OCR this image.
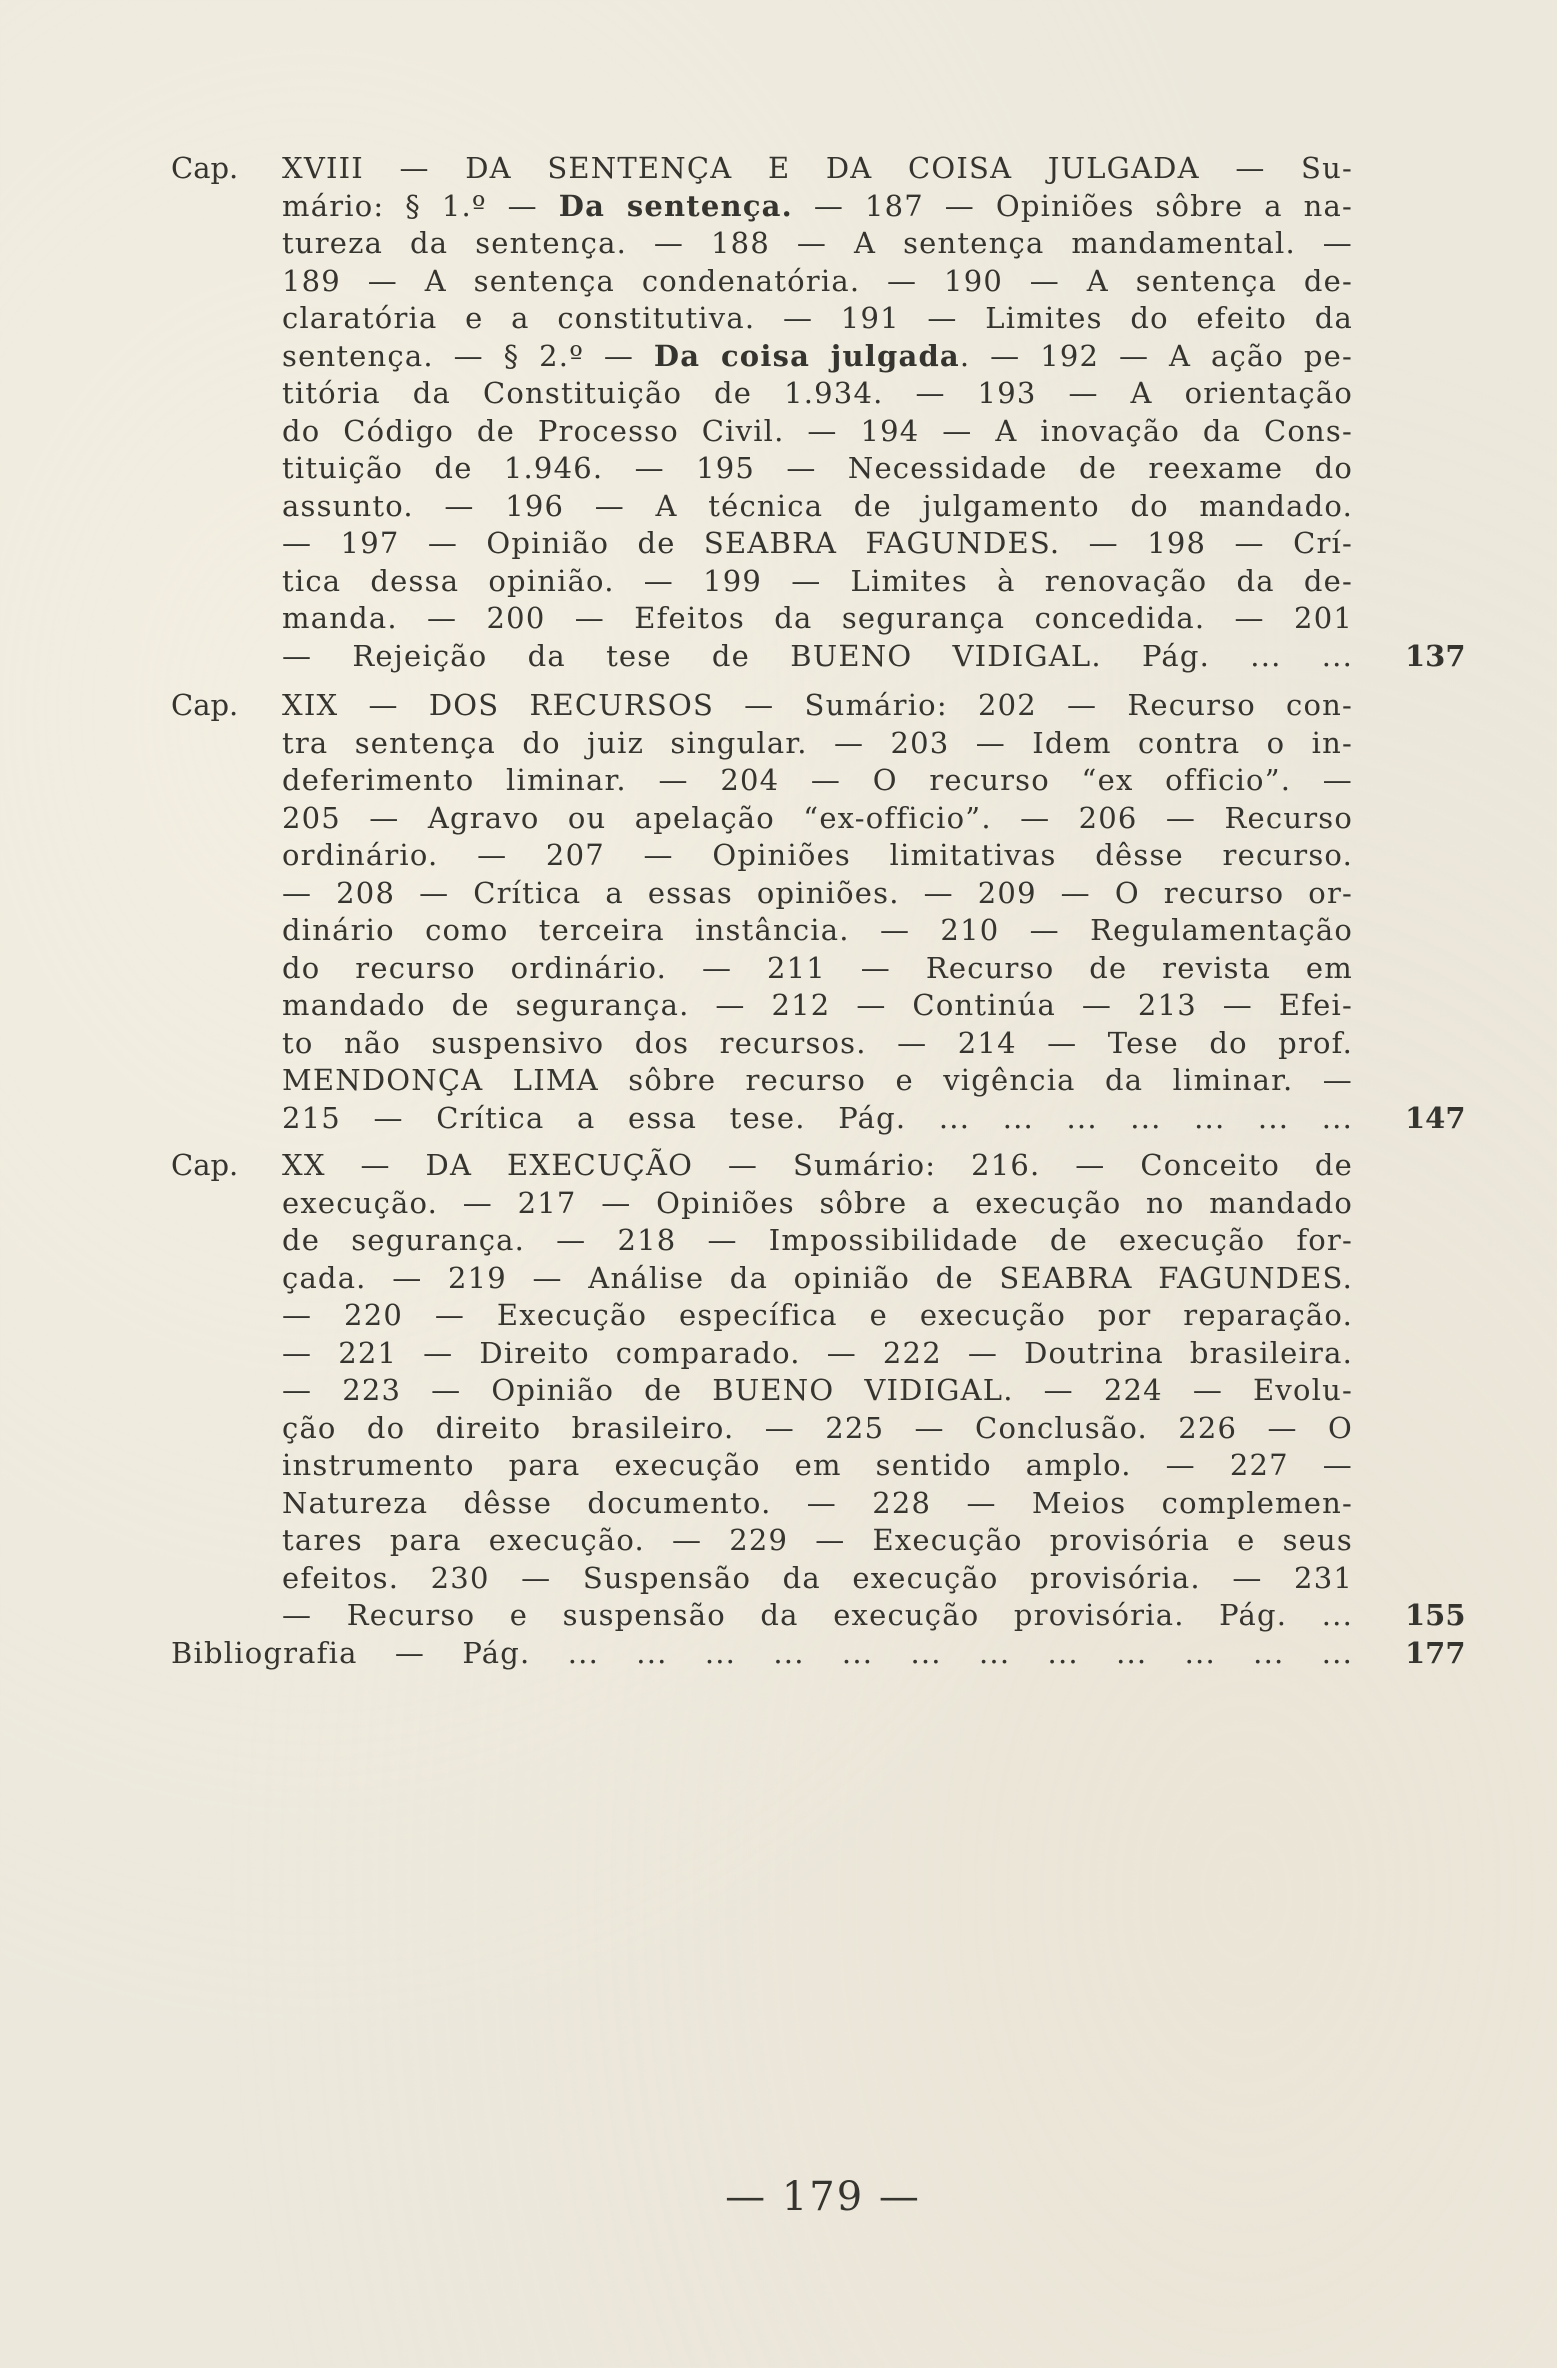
Cap. XVIII — DA SENTENÇA E DA COISA JULGADA — Su-
mário: § 1.º — Da sentença. — 187 — Opiniões sôbre a na-
tureza da sentença. — 188 — A sentença mandamental. —
189 — A sentença condenatória. — 190 — A sentença de-
claratória e a constitutiva. — 191 — Limites do efeito da
sentença. — § 2.º — Da coisa julgada. — 192 — A ação pe-
titória da Constituição de 1.934. — 193 — A orientação
do Código de Processo Civil. — 194 — A inovação da Cons-
tituição de 1.946. — 195 — Necessidade de reexame do
assunto. — 196 — A técnica de julgamento do mandado.
— 197 — Opinião de SEABRA FAGUNDES. — 198 — Crí-
tica dessa opinião. — 199 — Limites à renovação da de-
manda. — 200 — Efeitos da segurança concedida. — 201
— Rejeição da tese de BUENO VIDIGAL. Pág. ... ... 137
Cap. XIX — DOS RECURSOS — Sumário: 202 — Recurso con-
tra sentença do juiz singular. — 203 — Idem contra o in-
deferimento liminar. — 204 — O recurso “ex officio”. —
205 — Agravo ou apelação “ex-officio”. — 206 — Recurso
ordinário. — 207 — Opiniões limitativas dêsse recurso.
— 208 — Crítica a essas opiniões. — 209 — O recurso or-
dinário como terceira instância. — 210 — Regulamentação
do recurso ordinário. — 211 — Recurso de revista em
mandado de segurança. — 212 — Continúa — 213 — Efei-
to não suspensivo dos recursos. — 214 — Tese do prof.
MENDONÇA LIMA sôbre recurso e vigência da liminar. —
215 — Crítica a essa tese. Pág. ... ... ... ... ... ... ... 147
Cap. XX — DA EXECUÇÃO — Sumário: 216. — Conceito de
execução. — 217 — Opiniões sôbre a execução no mandado
de segurança. — 218 — Impossibilidade de execução for-
çada. — 219 — Análise da opinião de SEABRA FAGUNDES.
— 220 — Execução específica e execução por reparação.
— 221 — Direito comparado. — 222 — Doutrina brasileira.
— 223 — Opinião de BUENO VIDIGAL. — 224 — Evolu-
ção do direito brasileiro. — 225 — Conclusão. 226 — O
instrumento para execução em sentido amplo. — 227 —
Natureza dêsse documento. — 228 — Meios complemen-
tares para execução. — 229 — Execução provisória e seus
efeitos. 230 — Suspensão da execução provisória. — 231
— Recurso e suspensão da execução provisória. Pág. ... 155
Bibliografia — Pág. ... ... ... ... ... ... ... ... ... ... ... ... 177
— 179 —
